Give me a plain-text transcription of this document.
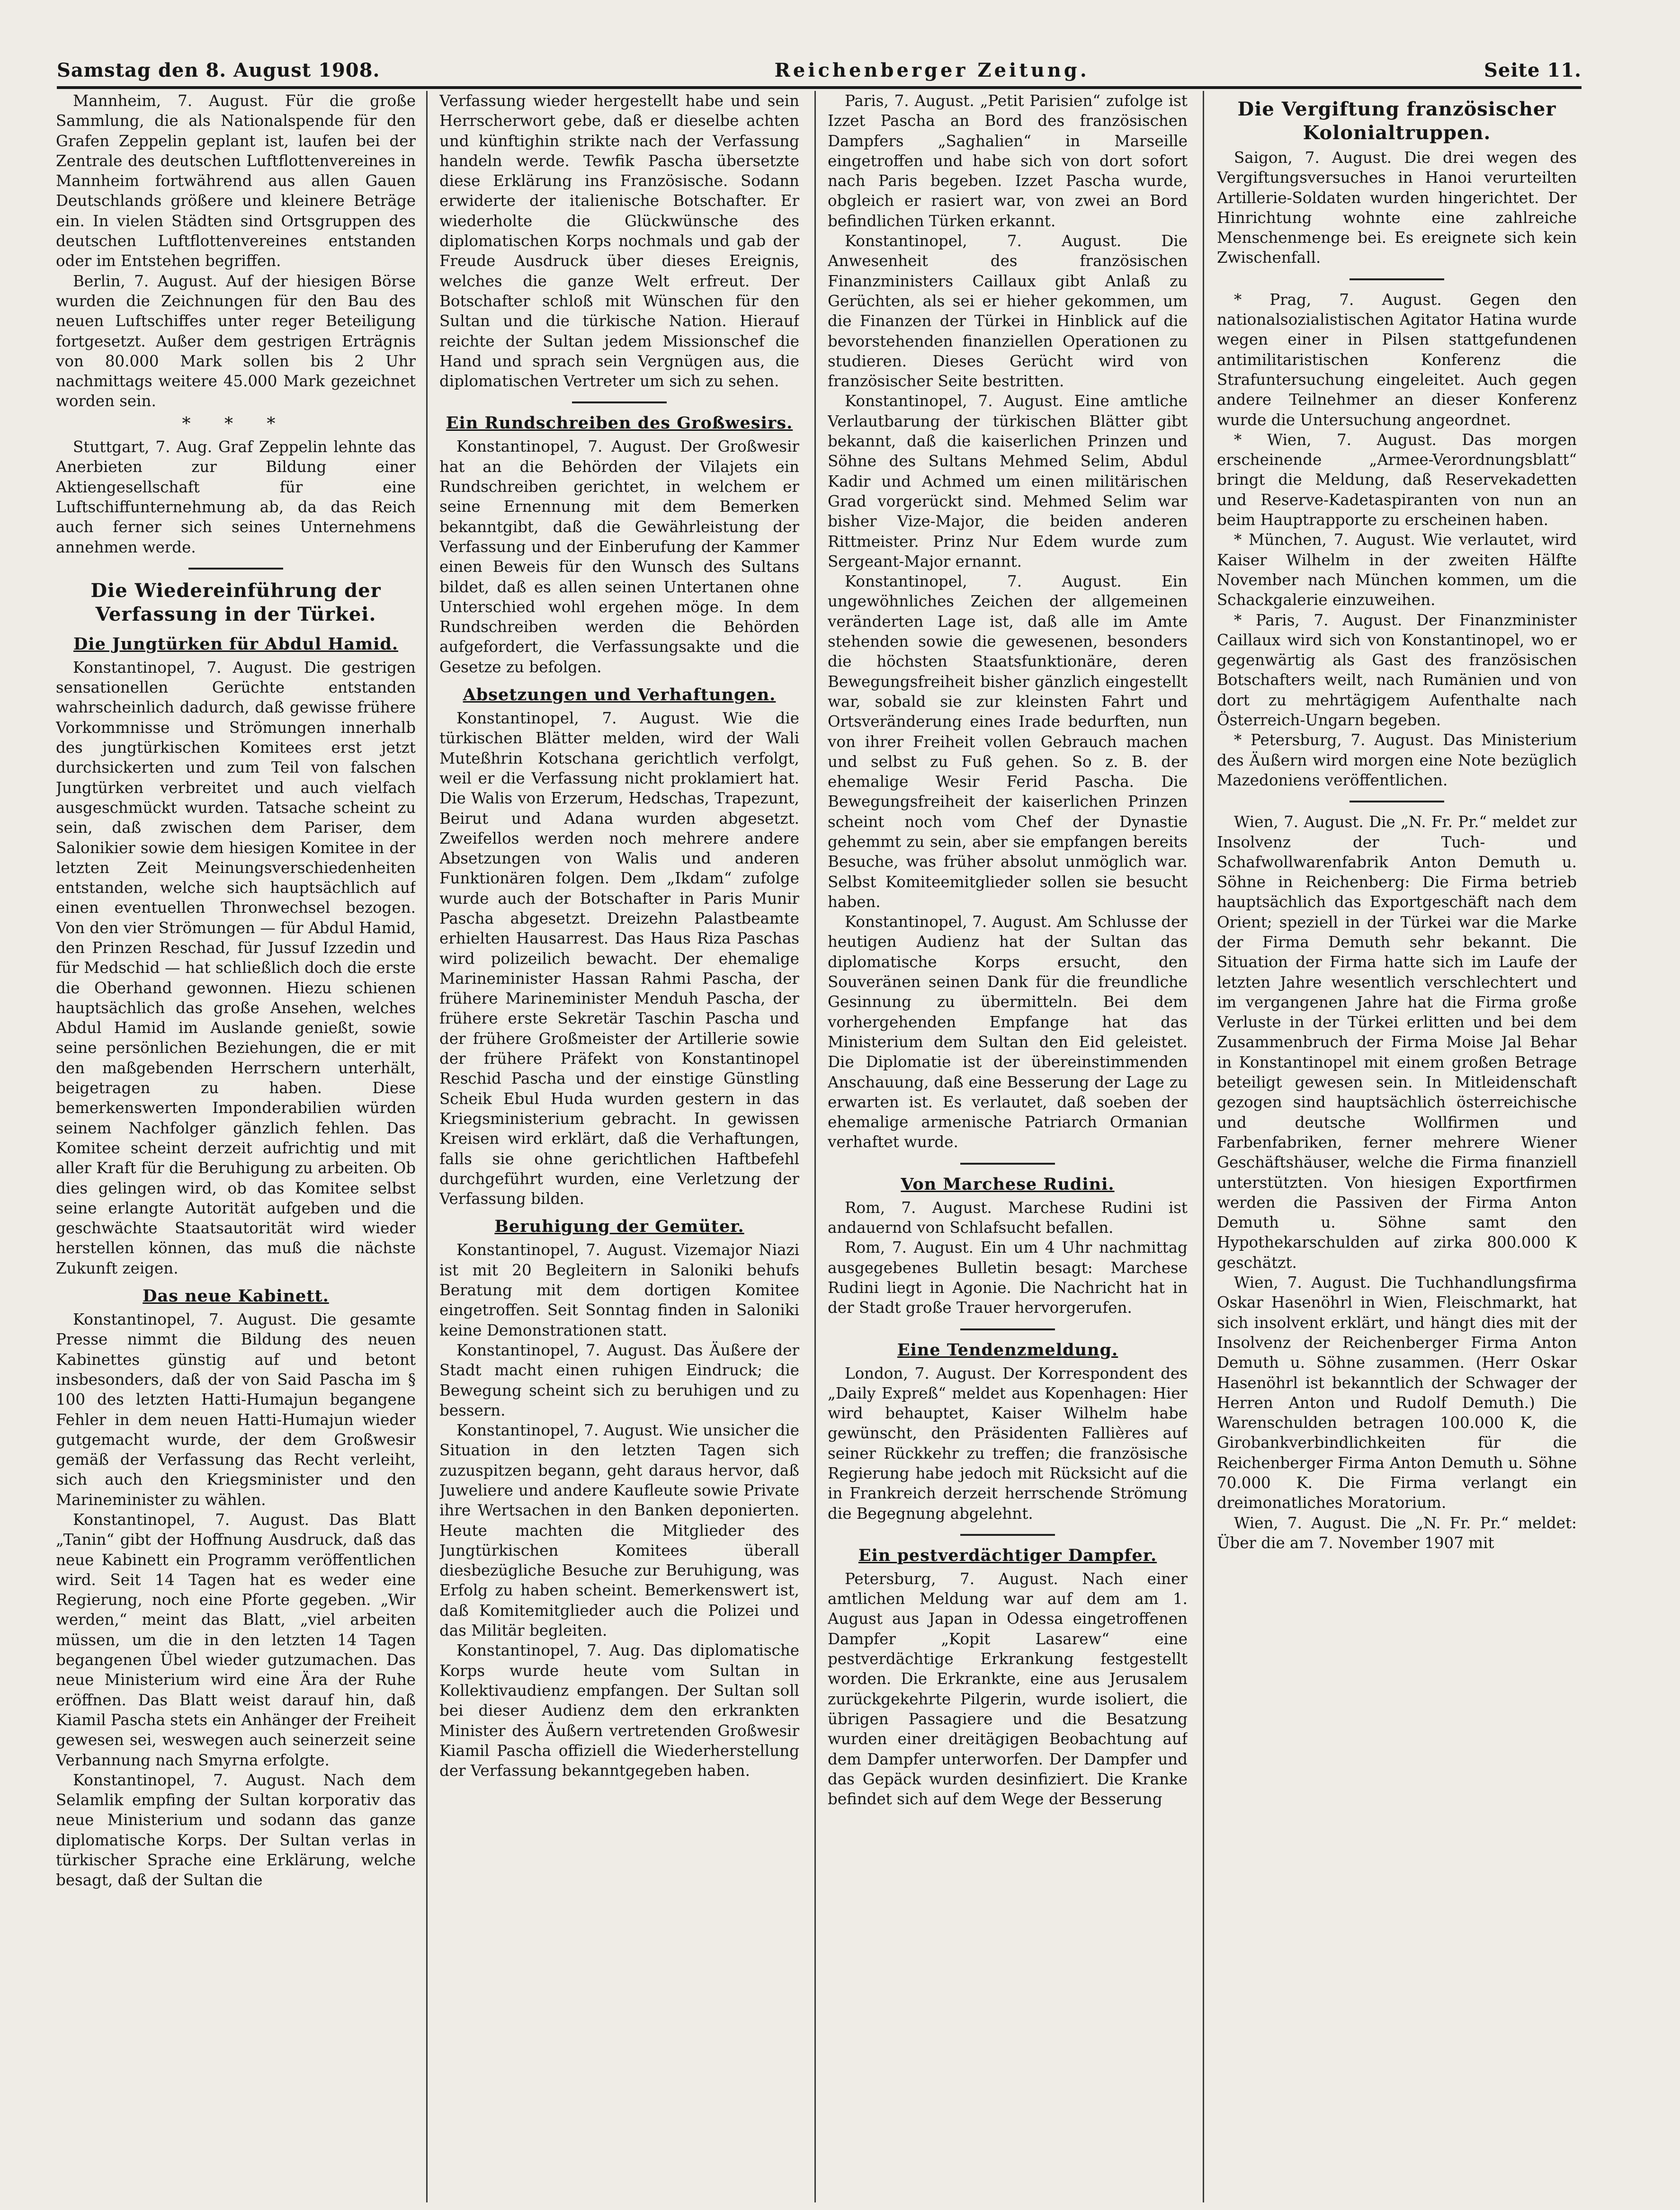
Samstag den 8. August 1908.	Reichenberger Zeitung.	Seite 11.

Mannheim, 7. August. Für die große Sammlung, die als Nationalspende für den Grafen Zeppelin geplant ist, laufen bei der Zentrale des deutschen Luftflottenvereines in Mannheim fortwährend aus allen Gauen Deutschlands größere und kleinere Beträge ein. In vielen Städten sind Ortsgruppen des deutschen Luftflottenvereines entstanden oder im Entstehen begriffen.

Berlin, 7. August. Auf der hiesigen Börse wurden die Zeichnungen für den Bau des neuen Luftschiffes unter reger Beteiligung fortgesetzt. Außer dem gestrigen Erträgnis von 80.000 Mark sollen bis 2 Uhr nachmittags weitere 45.000 Mark gezeichnet worden sein.

* * *

Stuttgart, 7. Aug. Graf Zeppelin lehnte das Anerbieten zur Bildung einer Aktiengesellschaft für eine Luftschiffunternehmung ab, da das Reich auch ferner sich seines Unternehmens annehmen werde.

Die Wiedereinführung der Verfassung in der Türkei.
Die Jungtürken für Abdul Hamid.

Konstantinopel, 7. August. Die gestrigen sensationellen Gerüchte entstanden wahrscheinlich dadurch, daß gewisse frühere Vorkommnisse und Strömungen innerhalb des jungtürkischen Komitees erst jetzt durchsickerten und zum Teil von falschen Jungtürken verbreitet und auch vielfach ausgeschmückt wurden. Tatsache scheint zu sein, daß zwischen dem Pariser, dem Salonikier sowie dem hiesigen Komitee in der letzten Zeit Meinungsverschiedenheiten entstanden, welche sich hauptsächlich auf einen eventuellen Thronwechsel bezogen. Von den vier Strömungen — für Abdul Hamid, den Prinzen Reschad, für Jussuf Izzedin und für Medschid — hat schließlich doch die erste die Oberhand gewonnen. Hiezu schienen hauptsächlich das große Ansehen, welches Abdul Hamid im Auslande genießt, sowie seine persönlichen Beziehungen, die er mit den maßgebenden Herrschern unterhält, beigetragen zu haben. Diese bemerkenswerten Imponderabilien würden seinem Nachfolger gänzlich fehlen. Das Komitee scheint derzeit aufrichtig und mit aller Kraft für die Beruhigung zu arbeiten. Ob dies gelingen wird, ob das Komitee selbst seine erlangte Autorität aufgeben und die geschwächte Staatsautorität wird wieder herstellen können, das muß die nächste Zukunft zeigen.

Das neue Kabinett.

Konstantinopel, 7. August. Die gesamte Presse nimmt die Bildung des neuen Kabinettes günstig auf und betont insbesonders, daß der von Said Pascha im § 100 des letzten Hatti-Humajun begangene Fehler in dem neuen Hatti-Humajun wieder gutgemacht wurde, der dem Großwesir gemäß der Verfassung das Recht verleiht, sich auch den Kriegsminister und den Marineminister zu wählen.

Konstantinopel, 7. August. Das Blatt „Tanin“ gibt der Hoffnung Ausdruck, daß das neue Kabinett ein Programm veröffentlichen wird. Seit 14 Tagen hat es weder eine Regierung, noch eine Pforte gegeben. „Wir werden,“ meint das Blatt, „viel arbeiten müssen, um die in den letzten 14 Tagen begangenen Übel wieder gutzumachen. Das neue Ministerium wird eine Ära der Ruhe eröffnen. Das Blatt weist darauf hin, daß Kiamil Pascha stets ein Anhänger der Freiheit gewesen sei, weswegen auch seinerzeit seine Verbannung nach Smyrna erfolgte.

Konstantinopel, 7. August. Nach dem Selamlik empfing der Sultan korporativ das neue Ministerium und sodann das ganze diplomatische Korps. Der Sultan verlas in türkischer Sprache eine Erklärung, welche besagt, daß der Sultan die

Verfassung wieder hergestellt habe und sein Herrscherwort gebe, daß er dieselbe achten und künftighin strikte nach der Verfassung handeln werde. Tewfik Pascha übersetzte diese Erklärung ins Französische. Sodann erwiderte der italienische Botschafter. Er wiederholte die Glückwünsche des diplomatischen Korps nochmals und gab der Freude Ausdruck über dieses Ereignis, welches die ganze Welt erfreut. Der Botschafter schloß mit Wünschen für den Sultan und die türkische Nation. Hierauf reichte der Sultan jedem Missionschef die Hand und sprach sein Vergnügen aus, die diplomatischen Vertreter um sich zu sehen.

Ein Rundschreiben des Großwesirs.

Konstantinopel, 7. August. Der Großwesir hat an die Behörden der Vilajets ein Rundschreiben gerichtet, in welchem er seine Ernennung mit dem Bemerken bekanntgibt, daß die Gewährleistung der Verfassung und der Einberufung der Kammer einen Beweis für den Wunsch des Sultans bildet, daß es allen seinen Untertanen ohne Unterschied wohl ergehen möge. In dem Rundschreiben werden die Behörden aufgefordert, die Verfassungsakte und die Gesetze zu befolgen.

Absetzungen und Verhaftungen.

Konstantinopel, 7. August. Wie die türkischen Blätter melden, wird der Wali Muteßhrin Kotschana gerichtlich verfolgt, weil er die Verfassung nicht proklamiert hat. Die Walis von Erzerum, Hedschas, Trapezunt, Beirut und Adana wurden abgesetzt. Zweifellos werden noch mehrere andere Absetzungen von Walis und anderen Funktionären folgen. Dem „Ikdam“ zufolge wurde auch der Botschafter in Paris Munir Pascha abgesetzt. Dreizehn Palastbeamte erhielten Hausarrest. Das Haus Riza Paschas wird polizeilich bewacht. Der ehemalige Marineminister Hassan Rahmi Pascha, der frühere Marineminister Menduh Pascha, der frühere erste Sekretär Taschin Pascha und der frühere Großmeister der Artillerie sowie der frühere Präfekt von Konstantinopel Reschid Pascha und der einstige Günstling Scheik Ebul Huda wurden gestern in das Kriegsministerium gebracht. In gewissen Kreisen wird erklärt, daß die Verhaftungen, falls sie ohne gerichtlichen Haftbefehl durchgeführt wurden, eine Verletzung der Verfassung bilden.

Beruhigung der Gemüter.

Konstantinopel, 7. August. Vizemajor Niazi ist mit 20 Begleitern in Saloniki behufs Beratung mit dem dortigen Komitee eingetroffen. Seit Sonntag finden in Saloniki keine Demonstrationen statt.

Konstantinopel, 7. August. Das Äußere der Stadt macht einen ruhigen Eindruck; die Bewegung scheint sich zu beruhigen und zu bessern.

Konstantinopel, 7. August. Wie unsicher die Situation in den letzten Tagen sich zuzuspitzen begann, geht daraus hervor, daß Juweliere und andere Kaufleute sowie Private ihre Wertsachen in den Banken deponierten. Heute machten die Mitglieder des Jungtürkischen Komitees überall diesbezügliche Besuche zur Beruhigung, was Erfolg zu haben scheint. Bemerkenswert ist, daß Komitemitglieder auch die Polizei und das Militär begleiten.

Konstantinopel, 7. Aug. Das diplomatische Korps wurde heute vom Sultan in Kollektivaudienz empfangen. Der Sultan soll bei dieser Audienz dem den erkrankten Minister des Äußern vertretenden Großwesir Kiamil Pascha offiziell die Wiederherstellung der Verfassung bekanntgegeben haben.

Paris, 7. August. „Petit Parisien“ zufolge ist Izzet Pascha an Bord des französischen Dampfers „Saghalien“ in Marseille eingetroffen und habe sich von dort sofort nach Paris begeben. Izzet Pascha wurde, obgleich er rasiert war, von zwei an Bord befindlichen Türken erkannt.

Konstantinopel, 7. August. Die Anwesenheit des französischen Finanzministers Caillaux gibt Anlaß zu Gerüchten, als sei er hieher gekommen, um die Finanzen der Türkei in Hinblick auf die bevorstehenden finanziellen Operationen zu studieren. Dieses Gerücht wird von französischer Seite bestritten.

Konstantinopel, 7. August. Eine amtliche Verlautbarung der türkischen Blätter gibt bekannt, daß die kaiserlichen Prinzen und Söhne des Sultans Mehmed Selim, Abdul Kadir und Achmed um einen militärischen Grad vorgerückt sind. Mehmed Selim war bisher Vize-Major, die beiden anderen Rittmeister. Prinz Nur Edem wurde zum Sergeant-Major ernannt.

Konstantinopel, 7. August. Ein ungewöhnliches Zeichen der allgemeinen veränderten Lage ist, daß alle im Amte stehenden sowie die gewesenen, besonders die höchsten Staatsfunktionäre, deren Bewegungsfreiheit bisher gänzlich eingestellt war, sobald sie zur kleinsten Fahrt und Ortsveränderung eines Irade bedurften, nun von ihrer Freiheit vollen Gebrauch machen und selbst zu Fuß gehen. So z. B. der ehemalige Wesir Ferid Pascha. Die Bewegungsfreiheit der kaiserlichen Prinzen scheint noch vom Chef der Dynastie gehemmt zu sein, aber sie empfangen bereits Besuche, was früher absolut unmöglich war. Selbst Komiteemitglieder sollen sie besucht haben.

Konstantinopel, 7. August. Am Schlusse der heutigen Audienz hat der Sultan das diplomatische Korps ersucht, den Souveränen seinen Dank für die freundliche Gesinnung zu übermitteln. Bei dem vorhergehenden Empfange hat das Ministerium dem Sultan den Eid geleistet. Die Diplomatie ist der übereinstimmenden Anschauung, daß eine Besserung der Lage zu erwarten ist. Es verlautet, daß soeben der ehemalige armenische Patriarch Ormanian verhaftet wurde.

Von Marchese Rudini.

Rom, 7. August. Marchese Rudini ist andauernd von Schlafsucht befallen.

Rom, 7. August. Ein um 4 Uhr nachmittag ausgegebenes Bulletin besagt: Marchese Rudini liegt in Agonie. Die Nachricht hat in der Stadt große Trauer hervorgerufen.

Eine Tendenzmeldung.

London, 7. August. Der Korrespondent des „Daily Expreß“ meldet aus Kopenhagen: Hier wird behauptet, Kaiser Wilhelm habe gewünscht, den Präsidenten Fallières auf seiner Rückkehr zu treffen; die französische Regierung habe jedoch mit Rücksicht auf die in Frankreich derzeit herrschende Strömung die Begegnung abgelehnt.

Ein pestverdächtiger Dampfer.

Petersburg, 7. August. Nach einer amtlichen Meldung war auf dem am 1. August aus Japan in Odessa eingetroffenen Dampfer „Kopit Lasarew“ eine pestverdächtige Erkrankung festgestellt worden. Die Erkrankte, eine aus Jerusalem zurückgekehrte Pilgerin, wurde isoliert, die übrigen Passagiere und die Besatzung wurden einer dreitägigen Beobachtung auf dem Dampfer unterworfen. Der Dampfer und das Gepäck wurden desinfiziert. Die Kranke befindet sich auf dem Wege der Besserung

Die Vergiftung französischer Kolonialtruppen.

Saigon, 7. August. Die drei wegen des Vergiftungsversuches in Hanoi verurteilten Artillerie-Soldaten wurden hingerichtet. Der Hinrichtung wohnte eine zahlreiche Menschenmenge bei. Es ereignete sich kein Zwischenfall.

* Prag, 7. August. Gegen den nationalsozialistischen Agitator Hatina wurde wegen einer in Pilsen stattgefundenen antimilitaristischen Konferenz die Strafuntersuchung eingeleitet. Auch gegen andere Teilnehmer an dieser Konferenz wurde die Untersuchung angeordnet.

* Wien, 7. August. Das morgen erscheinende „Armee-Verordnungsblatt“ bringt die Meldung, daß Reservekadetten und Reserve-Kadetaspiranten von nun an beim Hauptrapporte zu erscheinen haben.

* München, 7. August. Wie verlautet, wird Kaiser Wilhelm in der zweiten Hälfte November nach München kommen, um die Schackgalerie einzuweihen.

* Paris, 7. August. Der Finanzminister Caillaux wird sich von Konstantinopel, wo er gegenwärtig als Gast des französischen Botschafters weilt, nach Rumänien und von dort zu mehrtägigem Aufenthalte nach Österreich-Ungarn begeben.

* Petersburg, 7. August. Das Ministerium des Äußern wird morgen eine Note bezüglich Mazedoniens veröffentlichen.

Wien, 7. August. Die „N. Fr. Pr.“ meldet zur Insolvenz der Tuch- und Schafwollwarenfabrik Anton Demuth u. Söhne in Reichenberg: Die Firma betrieb hauptsächlich das Exportgeschäft nach dem Orient; speziell in der Türkei war die Marke der Firma Demuth sehr bekannt. Die Situation der Firma hatte sich im Laufe der letzten Jahre wesentlich verschlechtert und im vergangenen Jahre hat die Firma große Verluste in der Türkei erlitten und bei dem Zusammenbruch der Firma Moise Jal Behar in Konstantinopel mit einem großen Betrage beteiligt gewesen sein. In Mitleidenschaft gezogen sind hauptsächlich österreichische und deutsche Wollfirmen und Farbenfabriken, ferner mehrere Wiener Geschäftshäuser, welche die Firma finanziell unterstützten. Von hiesigen Exportfirmen werden die Passiven der Firma Anton Demuth u. Söhne samt den Hypothekarschulden auf zirka 800.000 K geschätzt.

Wien, 7. August. Die Tuchhandlungsfirma Oskar Hasenöhrl in Wien, Fleischmarkt, hat sich insolvent erklärt, und hängt dies mit der Insolvenz der Reichenberger Firma Anton Demuth u. Söhne zusammen. (Herr Oskar Hasenöhrl ist bekanntlich der Schwager der Herren Anton und Rudolf Demuth.) Die Warenschulden betragen 100.000 K, die Girobankverbindlichkeiten für die Reichenberger Firma Anton Demuth u. Söhne 70.000 K. Die Firma verlangt ein dreimonatliches Moratorium.

Wien, 7. August. Die „N. Fr. Pr.“ meldet: Über die am 7. November 1907 mit
